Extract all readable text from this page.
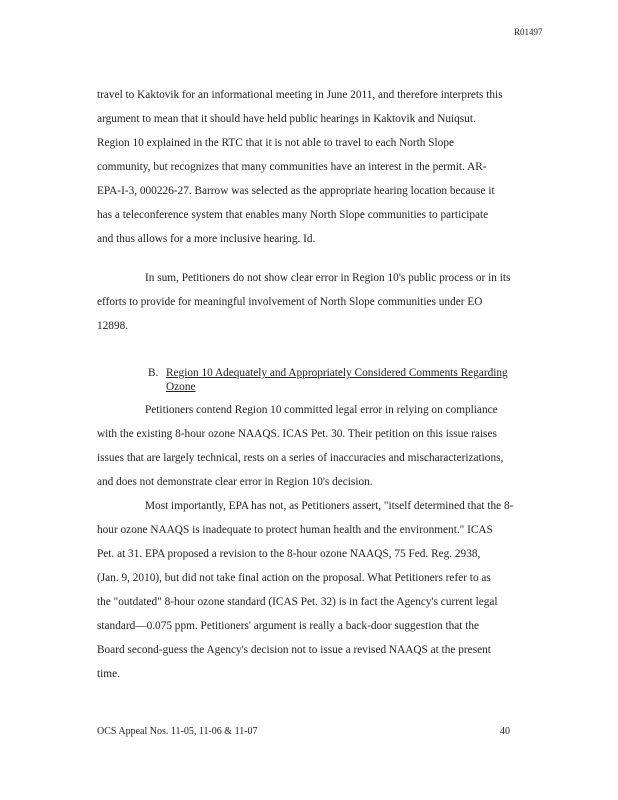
R01497
travel to Kaktovik for an informational meeting in June 2011, and therefore interprets this
argument to mean that it should have held public hearings in Kaktovik and Nuiqsut.
Region 10 explained in the RTC that it is not able to travel to each North Slope
community, but recognizes that many communities have an interest in the permit. AR-
EPA-I-3, 000226-27. Barrow was selected as the appropriate hearing location because it
has a teleconference system that enables many North Slope communities to participate
and thus allows for a more inclusive hearing. Id.
In sum, Petitioners do not show clear error in Region 10's public process or in its
efforts to provide for meaningful involvement of North Slope communities under EO
12898.
B. Region 10 Adequately and Appropriately Considered Comments Regarding
Ozone
Petitioners contend Region 10 committed legal error in relying on compliance
with the existing 8-hour ozone NAAQS. ICAS Pet. 30. Their petition on this issue raises
issues that are largely technical, rests on a series of inaccuracies and mischaracterizations,
and does not demonstrate clear error in Region 10's decision.
Most importantly, EPA has not, as Petitioners assert, "itself determined that the 8-
hour ozone NAAQS is inadequate to protect human health and the environment." ICAS
Pet. at 31. EPA proposed a revision to the 8-hour ozone NAAQS, 75 Fed. Reg. 2938,
(Jan. 9, 2010), but did not take final action on the proposal. What Petitioners refer to as
the "outdated" 8-hour ozone standard (ICAS Pet. 32) is in fact the Agency's current legal
standard—0.075 ppm. Petitioners' argument is really a back-door suggestion that the
Board second-guess the Agency's decision not to issue a revised NAAQS at the present
time.
OCS Appeal Nos. 11-05, 11-06 & 11-07	40
